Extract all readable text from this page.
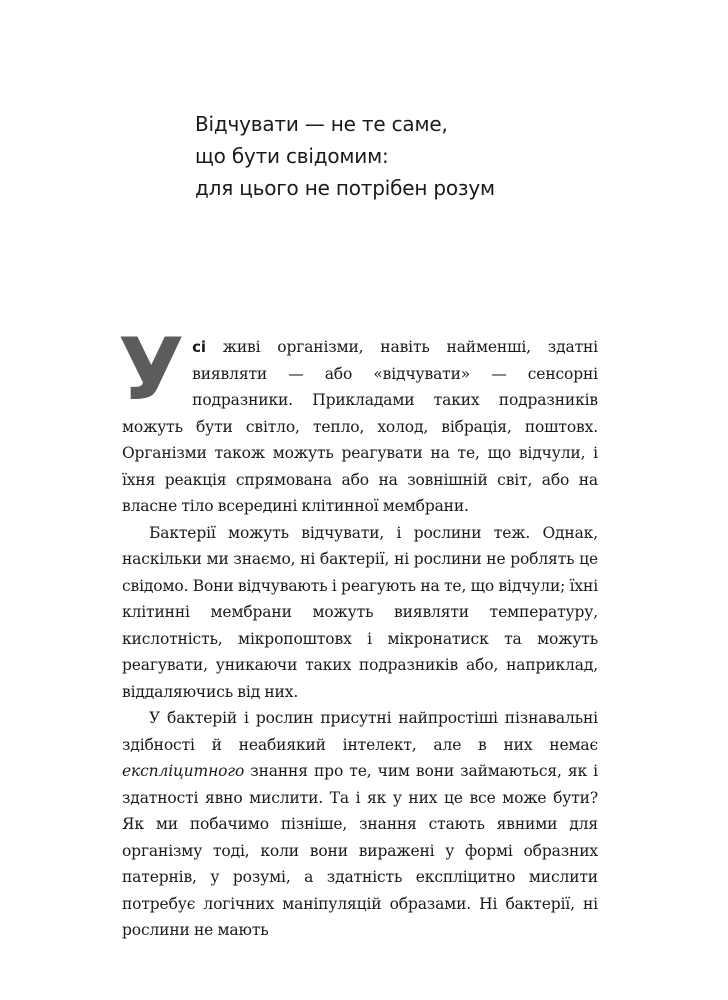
Відчувати — не те саме,
що бути свідомим:
для цього не потрібен розум

Усі живі організми, навіть найменші, здатні виявляти — або «відчувати» — сенсорні подразники. Прикладами таких подразників можуть бути світло, тепло, холод, вібрація, поштовх. Організми також можуть реагувати на те, що відчули, і їхня реакція спрямована або на зовнішній світ, або на власне тіло всередині клітинної мембрани.

Бактерії можуть відчувати, і рослини теж. Однак, наскільки ми знаємо, ні бактерії, ні рослини не роблять це свідомо. Вони відчувають і реагують на те, що відчули; їхні клітинні мембрани можуть виявляти температуру, кислотність, мікропоштовх і мікронатиск та можуть реагувати, уникаючи таких подразників або, наприклад, віддаляючись від них.

У бактерій і рослин присутні найпростіші пізнавальні здібності й неабиякий інтелект, але в них немає експліцитного знання про те, чим вони займаються, як і здатності явно мислити. Та і як у них це все може бути? Як ми побачимо пізніше, знання стають явними для організму тоді, коли вони виражені у формі образних патернів, у розумі, а здатність експліцитно мислити потребує логічних маніпуляцій образами. Ні бактерії, ні рослини не мають
